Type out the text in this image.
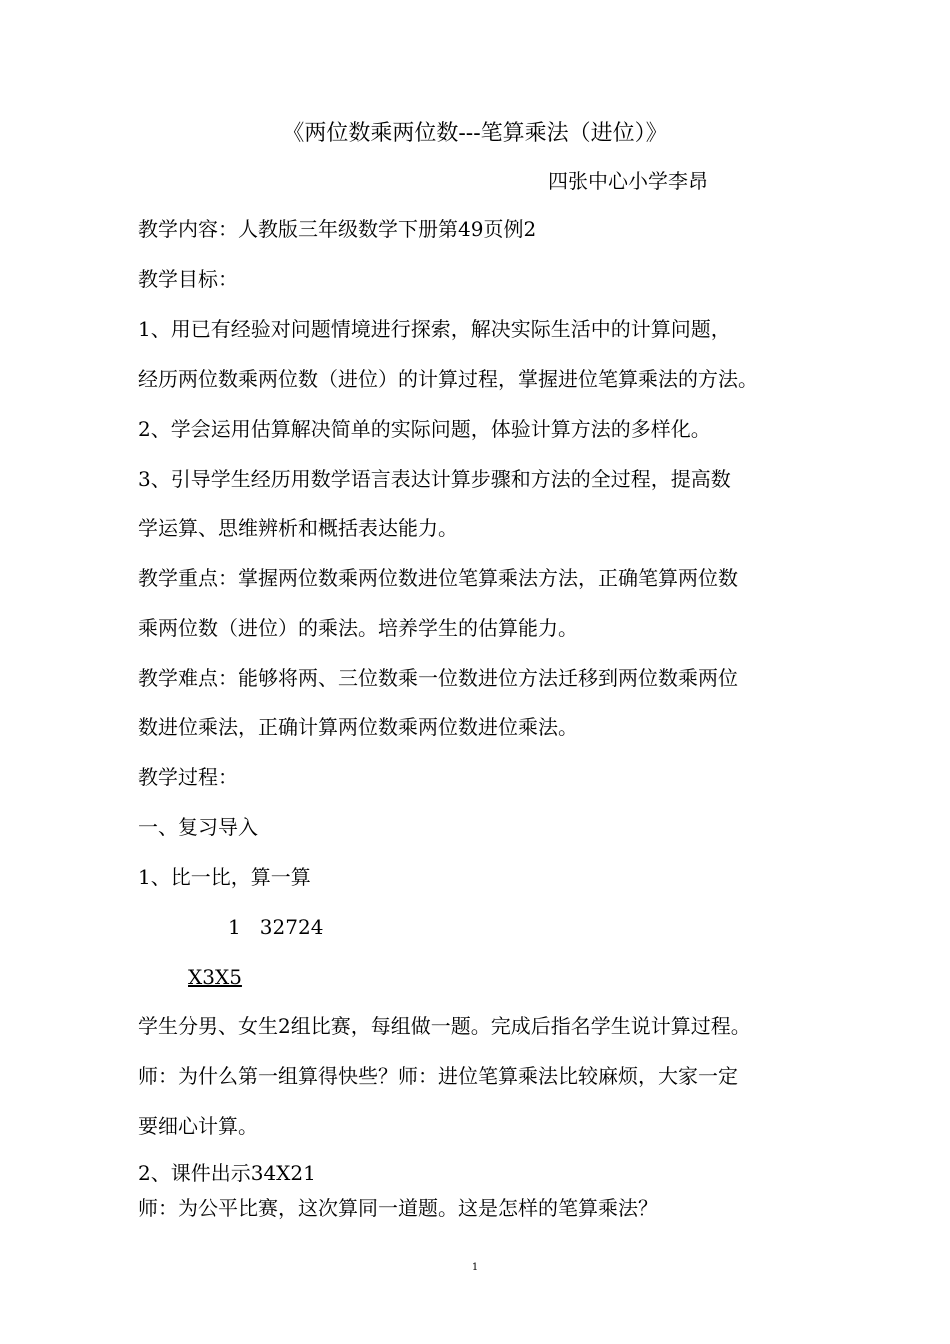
《两位数乘两位数---笔算乘法（进位）》
四张中心小学李昂
教学内容：人教版三年级数学下册第49页例2
教学目标：
1、用已有经验对问题情境进行探索，解决实际生活中的计算问题，
经历两位数乘两位数（进位）的计算过程，掌握进位笔算乘法的方法。
2、学会运用估算解决简单的实际问题，体验计算方法的多样化。
3、引导学生经历用数学语言表达计算步骤和方法的全过程，提高数
学运算、思维辨析和概括表达能力。
教学重点：掌握两位数乘两位数进位笔算乘法方法，正确笔算两位数
乘两位数（进位）的乘法。培养学生的估算能力。
教学难点：能够将两、三位数乘一位数进位方法迁移到两位数乘两位
数进位乘法，正确计算两位数乘两位数进位乘法。
教学过程：
一、复习导入
1、比一比，算一算
1   32724
X3X5
学生分男、女生2组比赛，每组做一题。完成后指名学生说计算过程。
师：为什么第一组算得快些？师：进位笔算乘法比较麻烦，大家一定
要细心计算。
2、课件出示34X21
师：为公平比赛，这次算同一道题。这是怎样的笔算乘法？
1
